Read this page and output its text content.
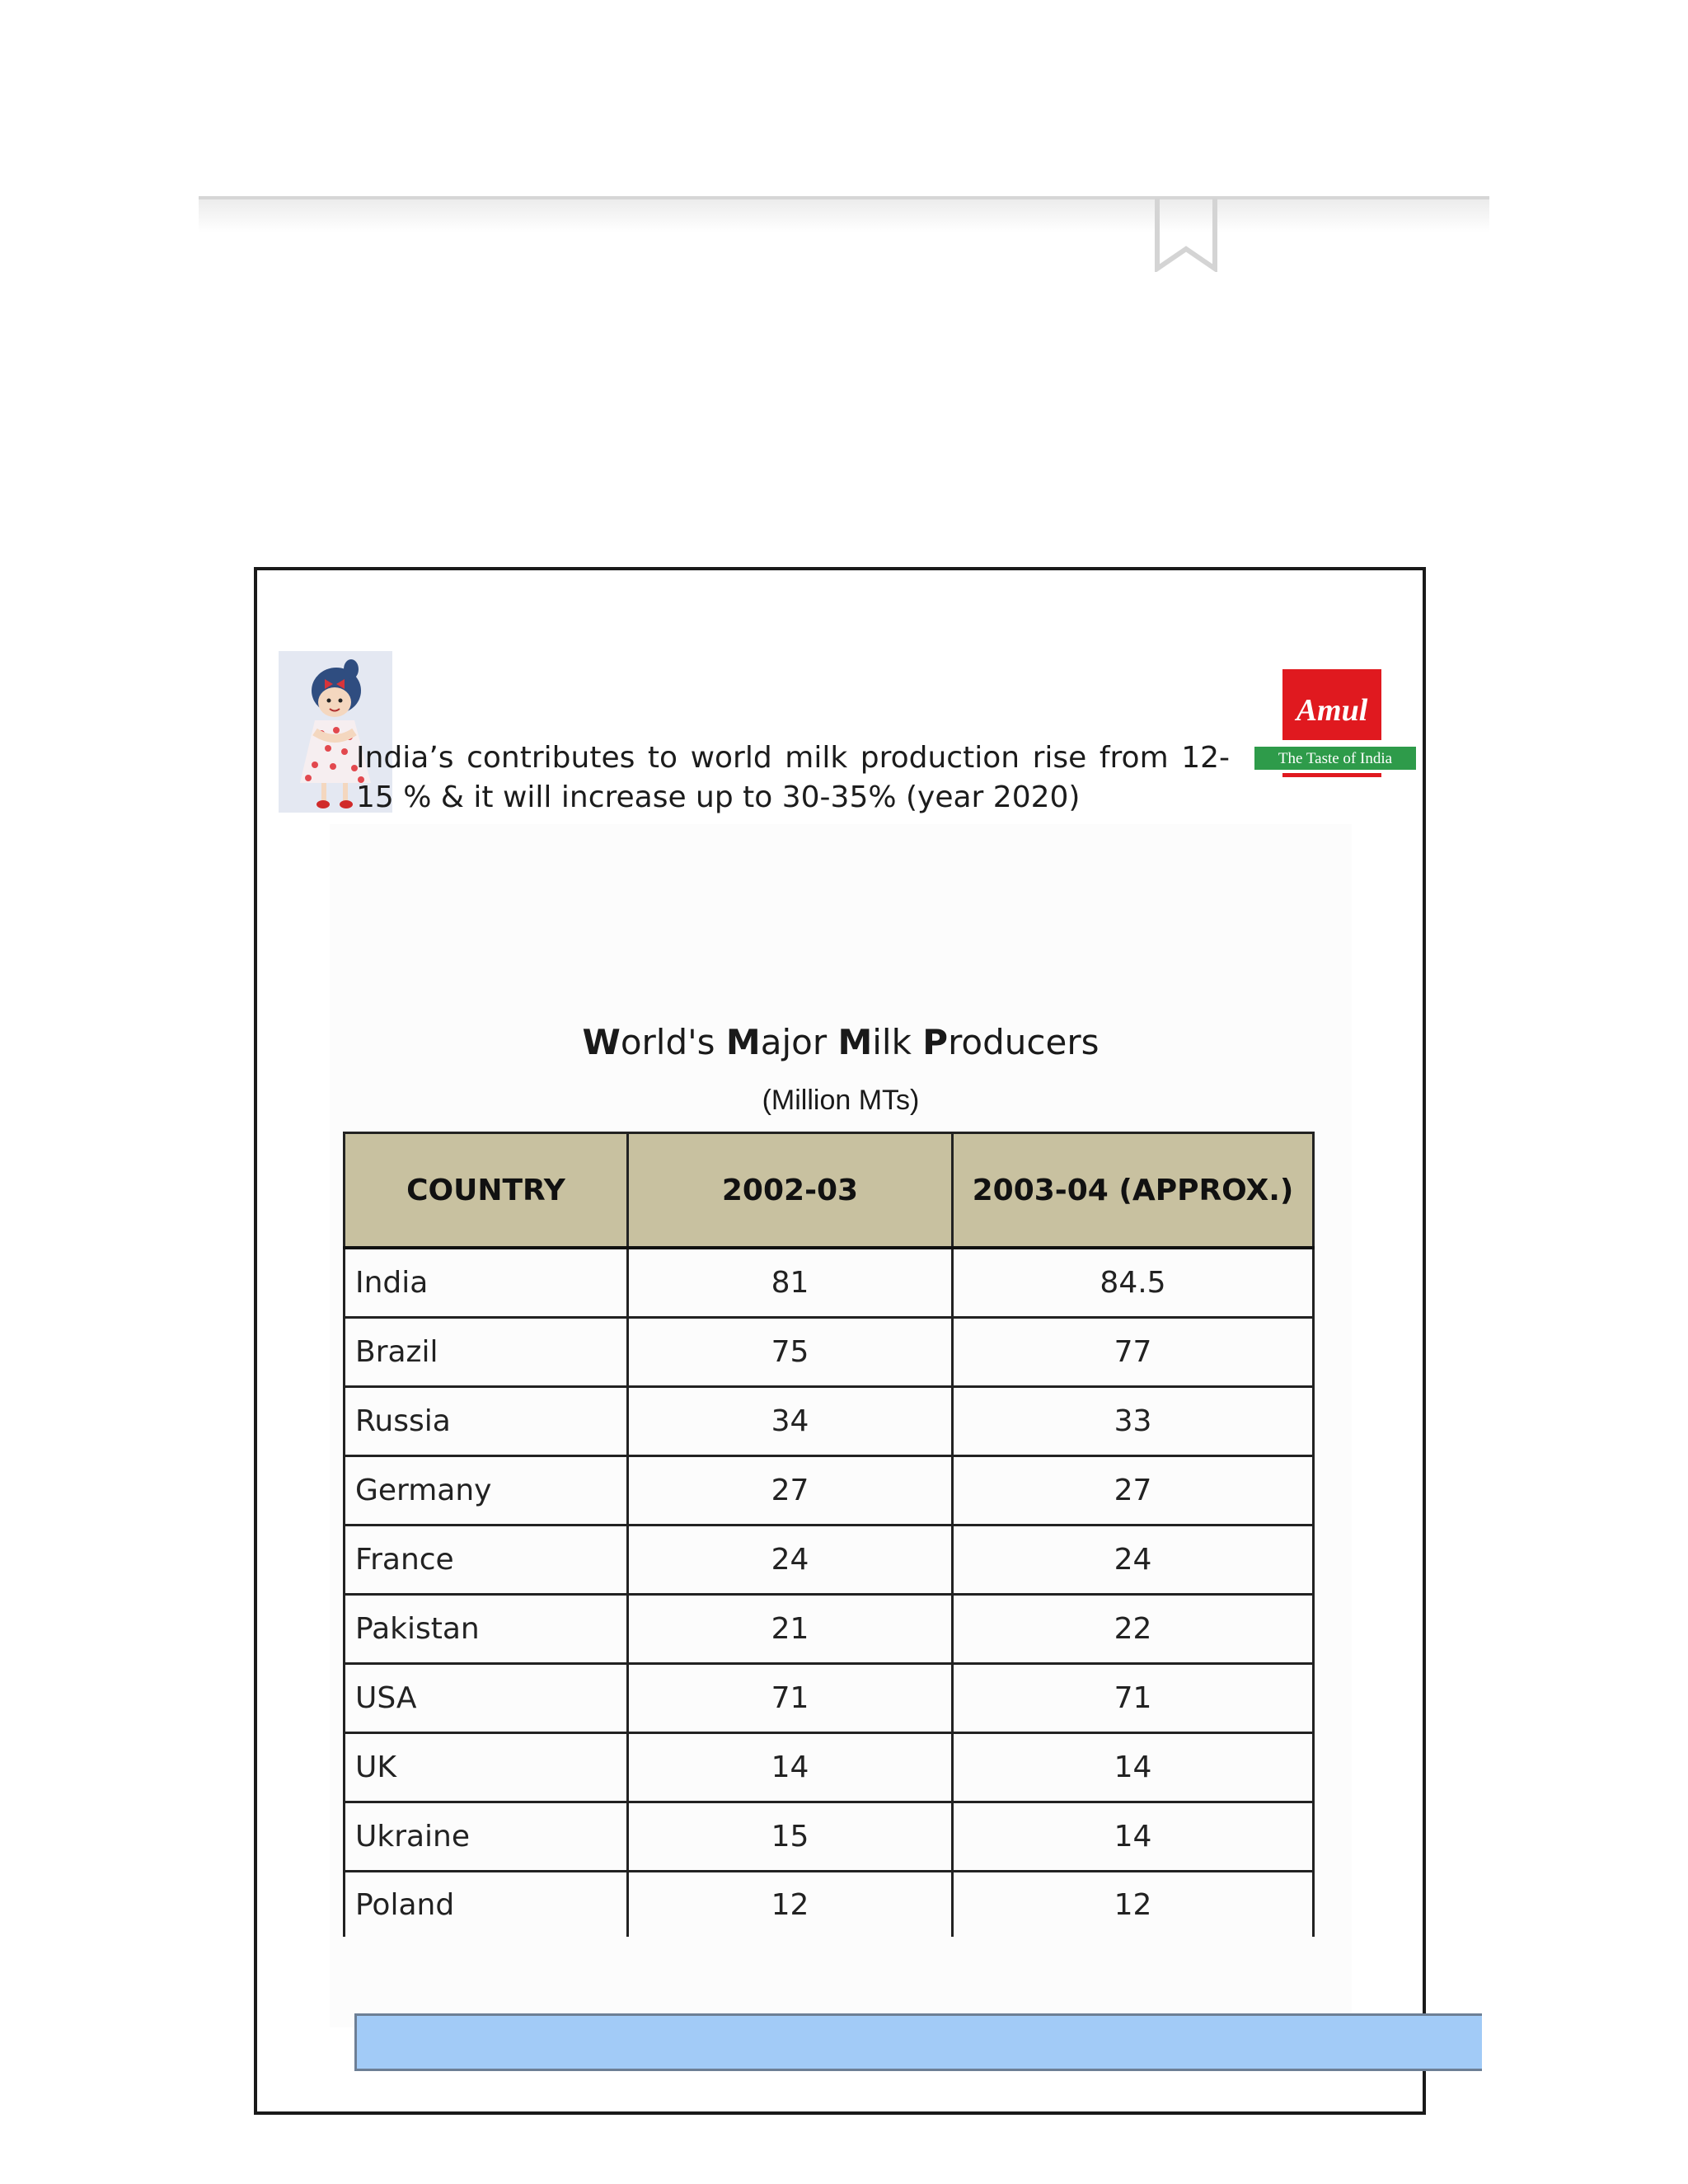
India’s contributes to world milk production rise from 12-15 % & it will increase up to 30-35% (year 2020)
Amul
The Taste of India
World's Major Milk Producers
(Million MTs)
COUNTRY	2002-03	2003-04 (APPROX.)
India	81	84.5
Brazil	75	77
Russia	34	33
Germany	27	27
France	24	24
Pakistan	21	22
USA	71	71
UK	14	14
Ukraine	15	14
Poland	12	12
